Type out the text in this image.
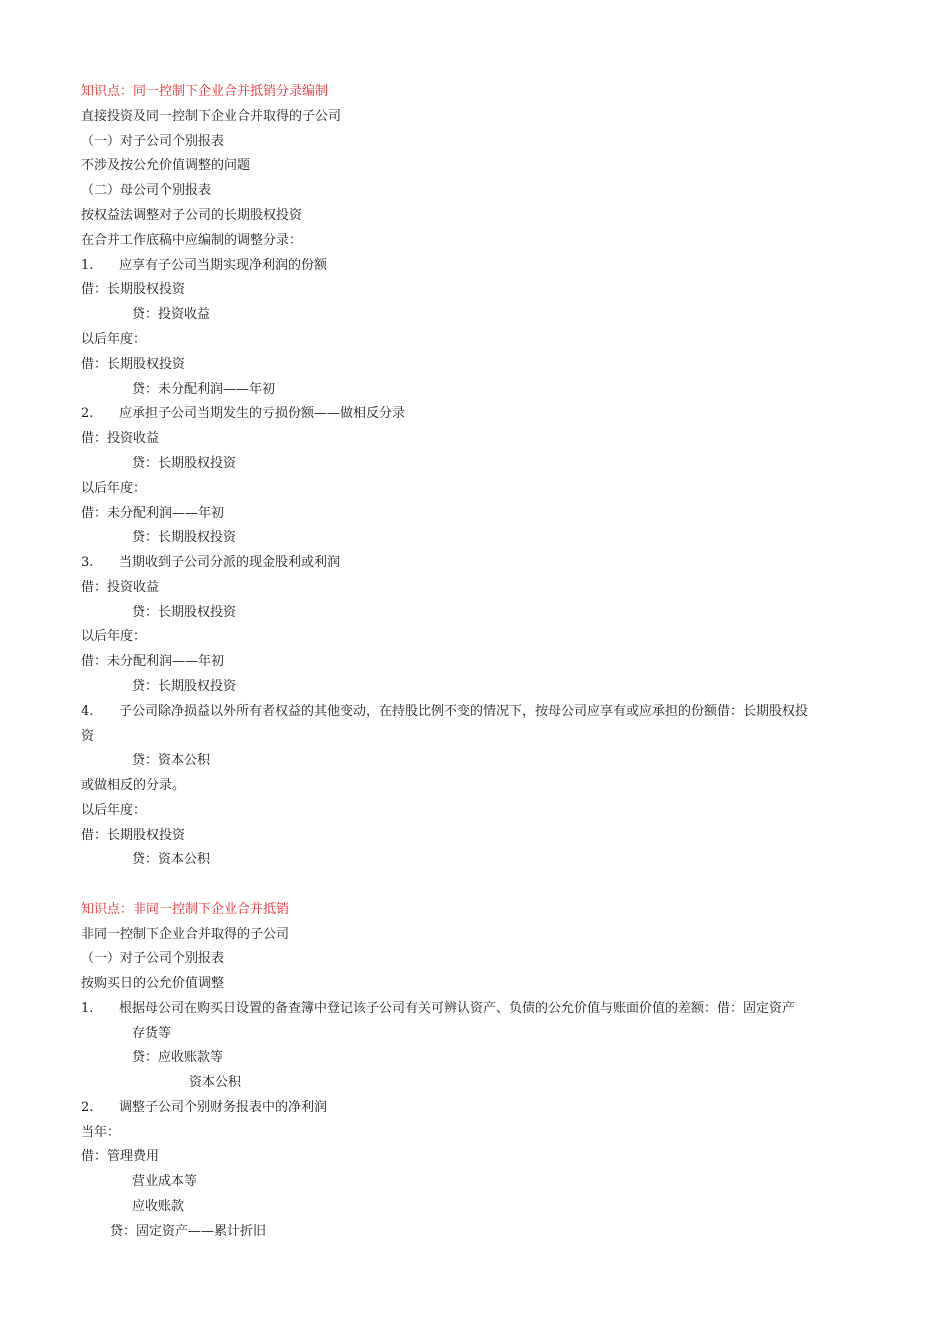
知识点：同一控制下企业合并抵销分录编制
直接投资及同一控制下企业合并取得的子公司
（一）对子公司个别报表
不涉及按公允价值调整的问题
（二）母公司个别报表
按权益法调整对子公司的长期股权投资
在合并工作底稿中应编制的调整分录：
1. 应享有子公司当期实现净利润的份额
借：长期股权投资
贷：投资收益
以后年度：
借：长期股权投资
贷：未分配利润——年初
2. 应承担子公司当期发生的亏损份额——做相反分录
借：投资收益
贷：长期股权投资
以后年度：
借：未分配利润——年初
贷：长期股权投资
3. 当期收到子公司分派的现金股利或利润
借：投资收益
贷：长期股权投资
以后年度：
借：未分配利润——年初
贷：长期股权投资
4. 子公司除净损益以外所有者权益的其他变动，在持股比例不变的情况下，按母公司应享有或应承担的份额借：长期股权投
资
贷：资本公积
或做相反的分录。
以后年度：
借：长期股权投资
贷：资本公积
知识点：非同一控制下企业合并抵销
非同一控制下企业合并取得的子公司
（一）对子公司个别报表
按购买日的公允价值调整
1. 根据母公司在购买日设置的备查簿中登记该子公司有关可辨认资产、负债的公允价值与账面价值的差额：借：固定资产
存货等
贷：应收账款等
资本公积
2. 调整子公司个别财务报表中的净利润
当年：
借：管理费用
营业成本等
应收账款
贷：固定资产——累计折旧
